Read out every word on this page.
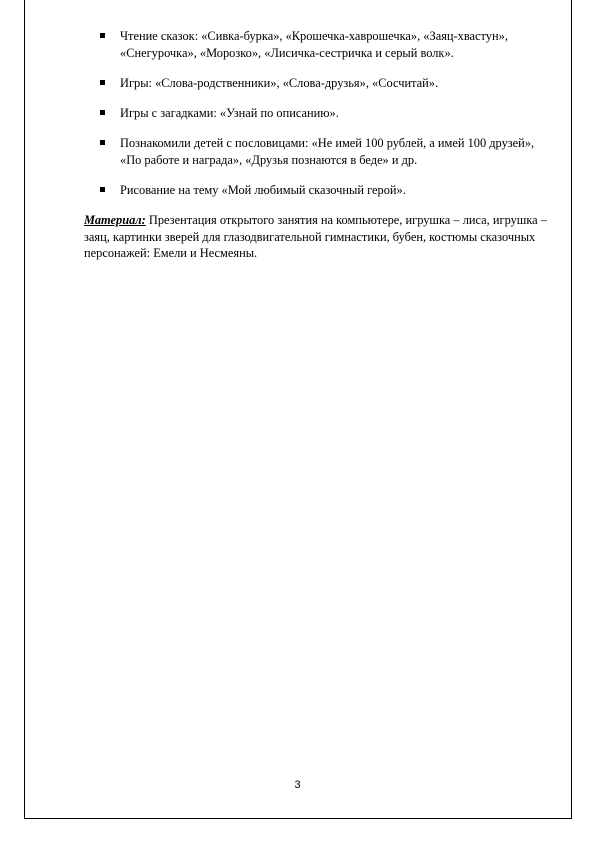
Чтение сказок: «Сивка-бурка», «Крошечка-хаврошечка», «Заяц-хвастун», «Снегурочка», «Морозко», «Лисичка-сестричка и серый волк».
Игры: «Слова-родственники», «Слова-друзья», «Сосчитай».
Игры с загадками: «Узнай по описанию».
Познакомили детей с пословицами: «Не имей 100 рублей, а имей 100 друзей», «По работе и награда», «Друзья познаются в беде» и др.
Рисование на тему «Мой любимый сказочный герой».

Материал: Презентация открытого занятия на компьютере, игрушка – лиса, игрушка – заяц, картинки зверей для глазодвигательной гимнастики, бубен, костюмы сказочных персонажей: Емели и Несмеяны.

3
